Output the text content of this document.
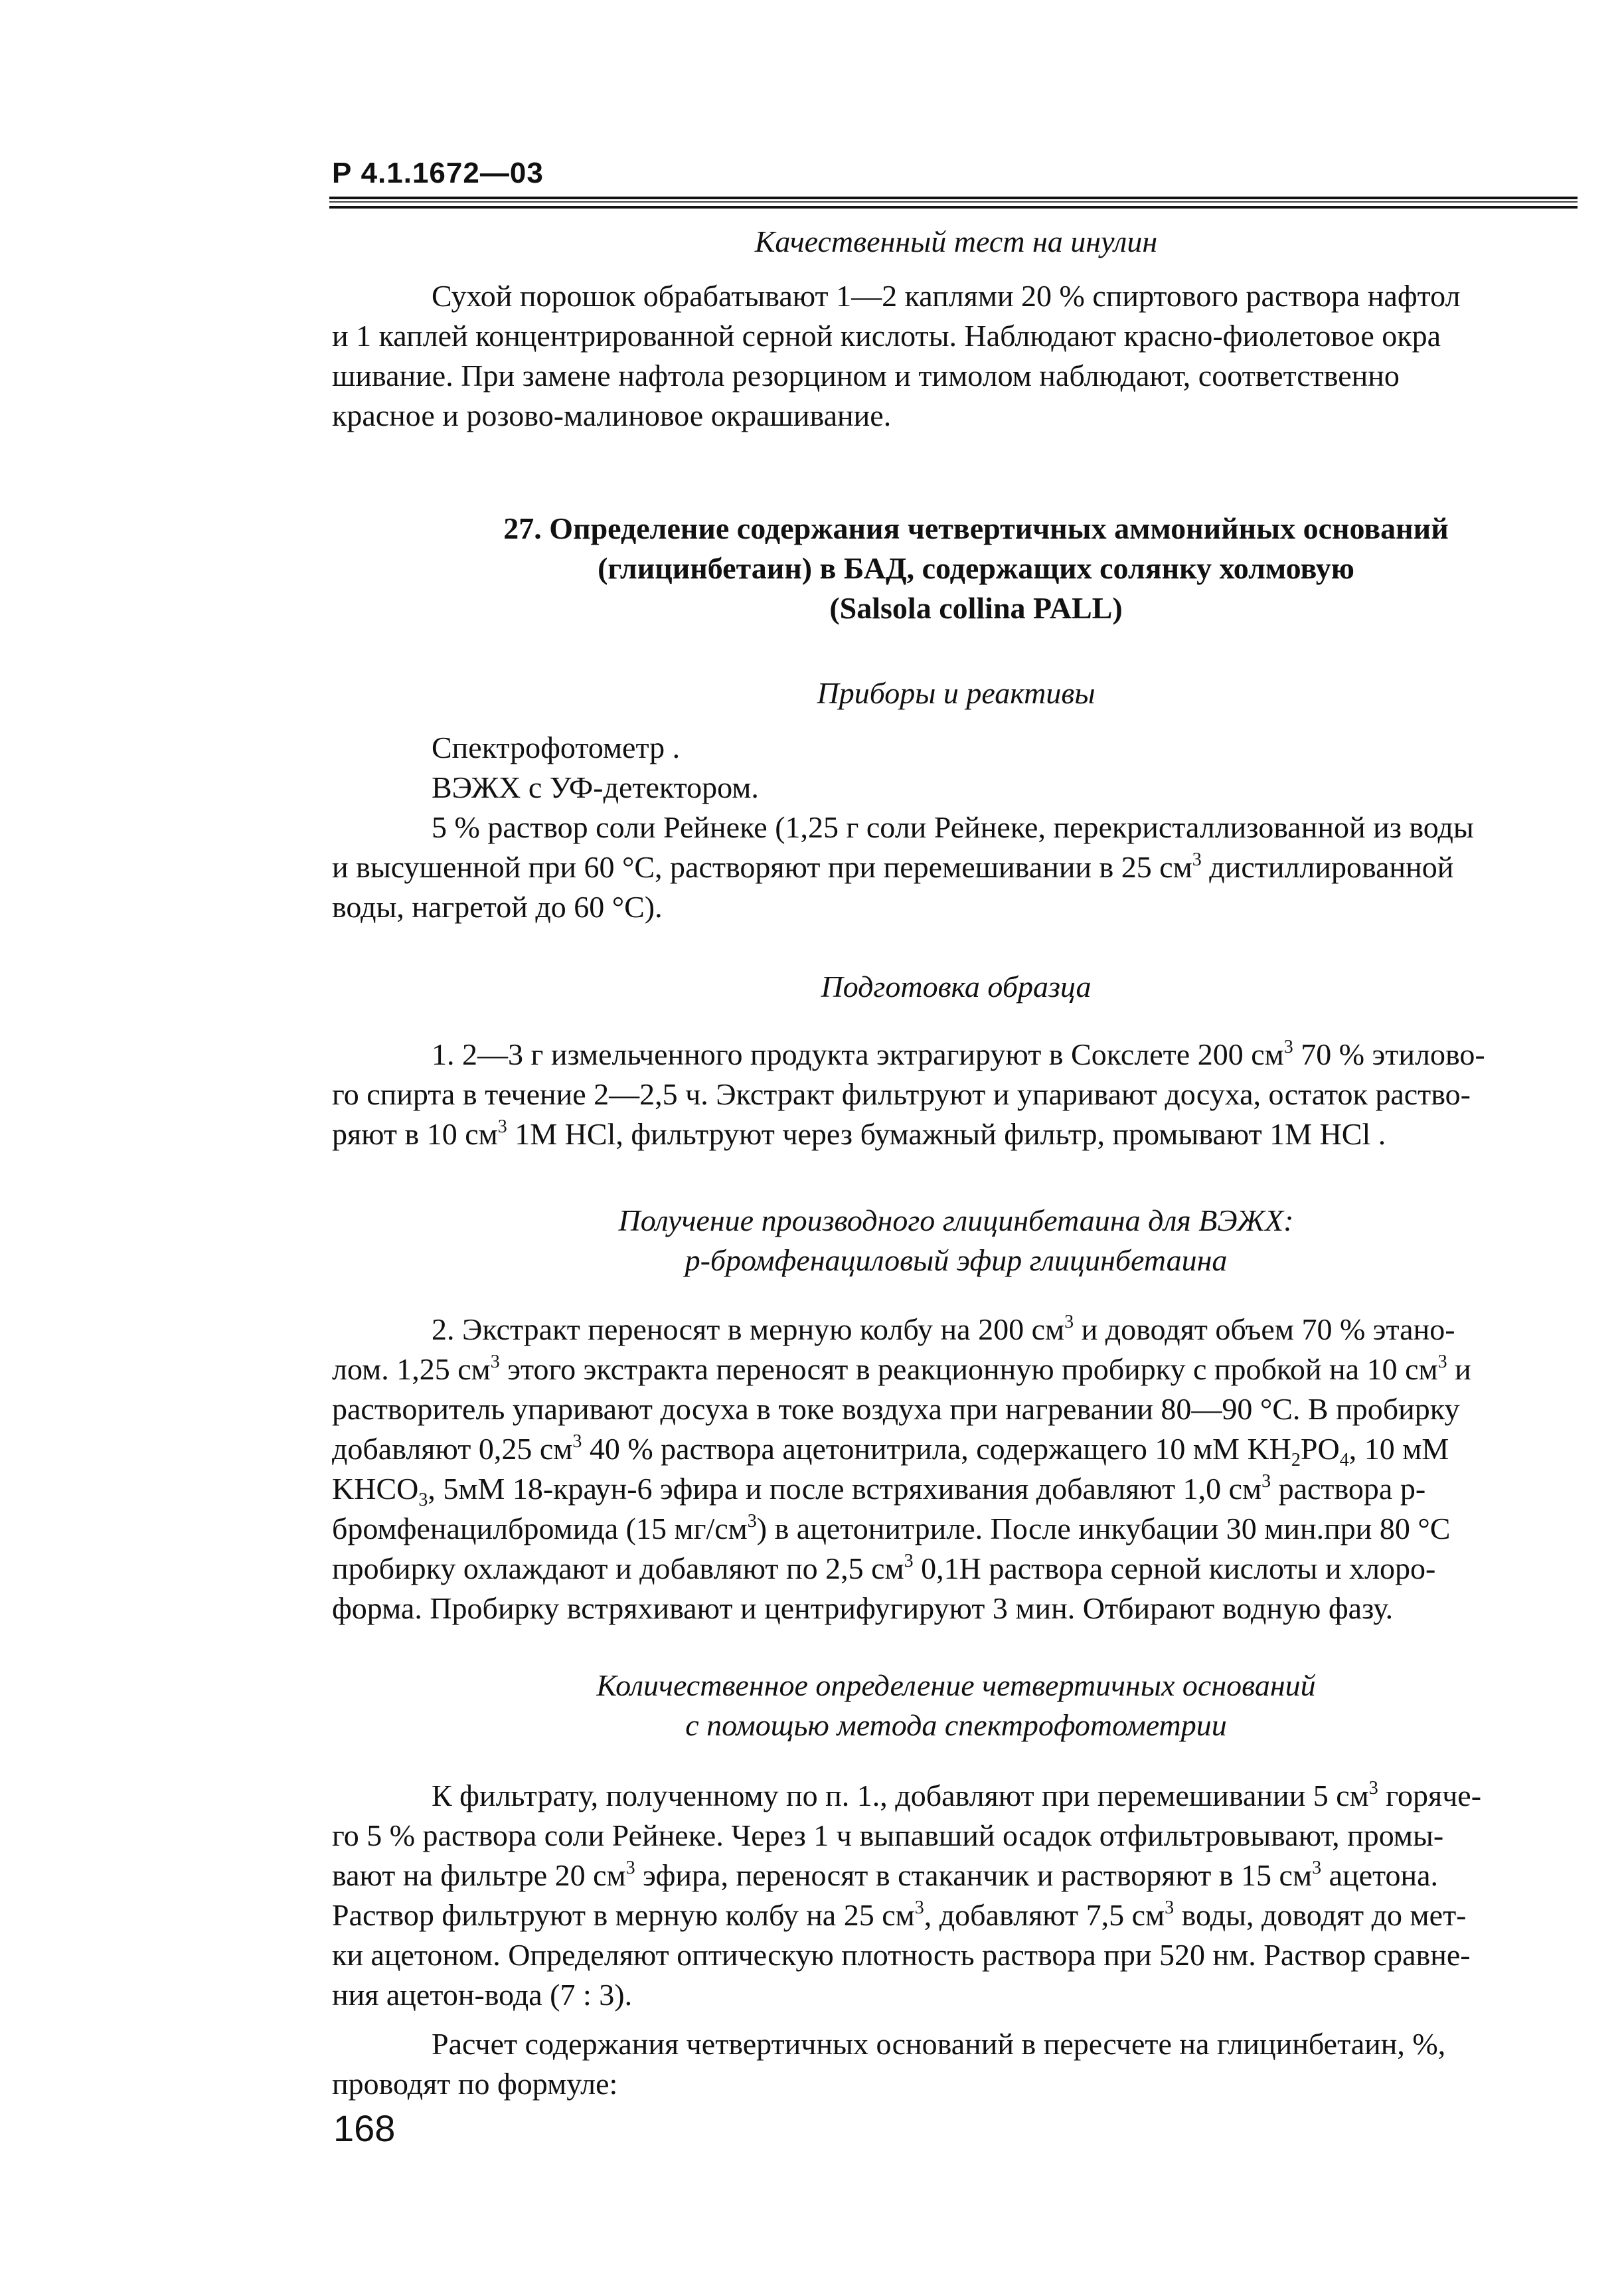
Р 4.1.1672—03
Качественный тест на инулин
Сухой порошок обрабатывают 1—2 каплями 20 % спиртового раствора нафтол
и 1 каплей концентрированной серной кислоты. Наблюдают красно-фиолетовое окра
шивание. При замене нафтола резорцином и тимолом наблюдают, соответственно
красное и розово-малиновое окрашивание.
27. Определение содержания четвертичных аммонийных оснований
(глицинбетаин) в БАД, содержащих солянку холмовую
(Salsola collina PALL)
Приборы и реактивы
Спектрофотометр .
ВЭЖХ с УФ-детектором.
5 % раствор соли Рейнеке (1,25 г соли Рейнеке, перекристаллизованной из воды
и высушенной при 60 °С, растворяют при перемешивании в 25 $см^3$ дистиллированной
воды, нагретой до 60 °С).
Подготовка образца
1. 2—3 г измельченного продукта эктрагируют в Сокслете 200 $см^3$ 70 % этилово-
го спирта в течение 2—2,5 ч. Экстракт фильтруют и упаривают досуха, остаток раство-
ряют в 10 $см^3$ 1М HCl, фильтруют через бумажный фильтр, промывают 1М HCl .
Получение производного глицинбетаина для ВЭЖХ:
р-бромфенациловый эфир глицинбетаина
2. Экстракт переносят в мерную колбу на 200 $см^3$ и доводят объем 70 % этано-
лом. 1,25 $см^3$ этого экстракта переносят в реакционную пробирку с пробкой на 10 $см^3$ и
растворитель упаривают досуха в токе воздуха при нагревании 80—90 °С. В пробирку
добавляют 0,25 $см^3$ 40 % раствора ацетонитрила, содержащего 10 мМ $KH_2PO_4$, 10 мМ
$KHCO_3$, 5мМ 18-краун-6 эфира и после встряхивания добавляют 1,0 $см^3$ раствора р-
бромфенацилбромида (15 $мг/см^3$) в ацетонитриле. После инкубации 30 мин.при 80 °С
пробирку охлаждают и добавляют по 2,5 $см^3$ 0,1Н раствора серной кислоты и хлоро-
форма. Пробирку встряхивают и центрифугируют 3 мин. Отбирают водную фазу.
Количественное определение четвертичных оснований
с помощью метода спектрофотометрии
К фильтрату, полученному по п. 1., добавляют при перемешивании 5 $см^3$ горяче-
го 5 % раствора соли Рейнеке. Через 1 ч выпавший осадок отфильтровывают, промы-
вают на фильтре 20 $см^3$ эфира, переносят в стаканчик и растворяют в 15 $см^3$ ацетона.
Раствор фильтруют в мерную колбу на 25 $см^3$, добавляют 7,5 $см^3$ воды, доводят до мет-
ки ацетоном. Определяют оптическую плотность раствора при 520 нм. Раствор сравне-
ния ацетон-вода (7 : 3).
Расчет содержания четвертичных оснований в пересчете на глицинбетаин, %,
проводят по формуле:
168
